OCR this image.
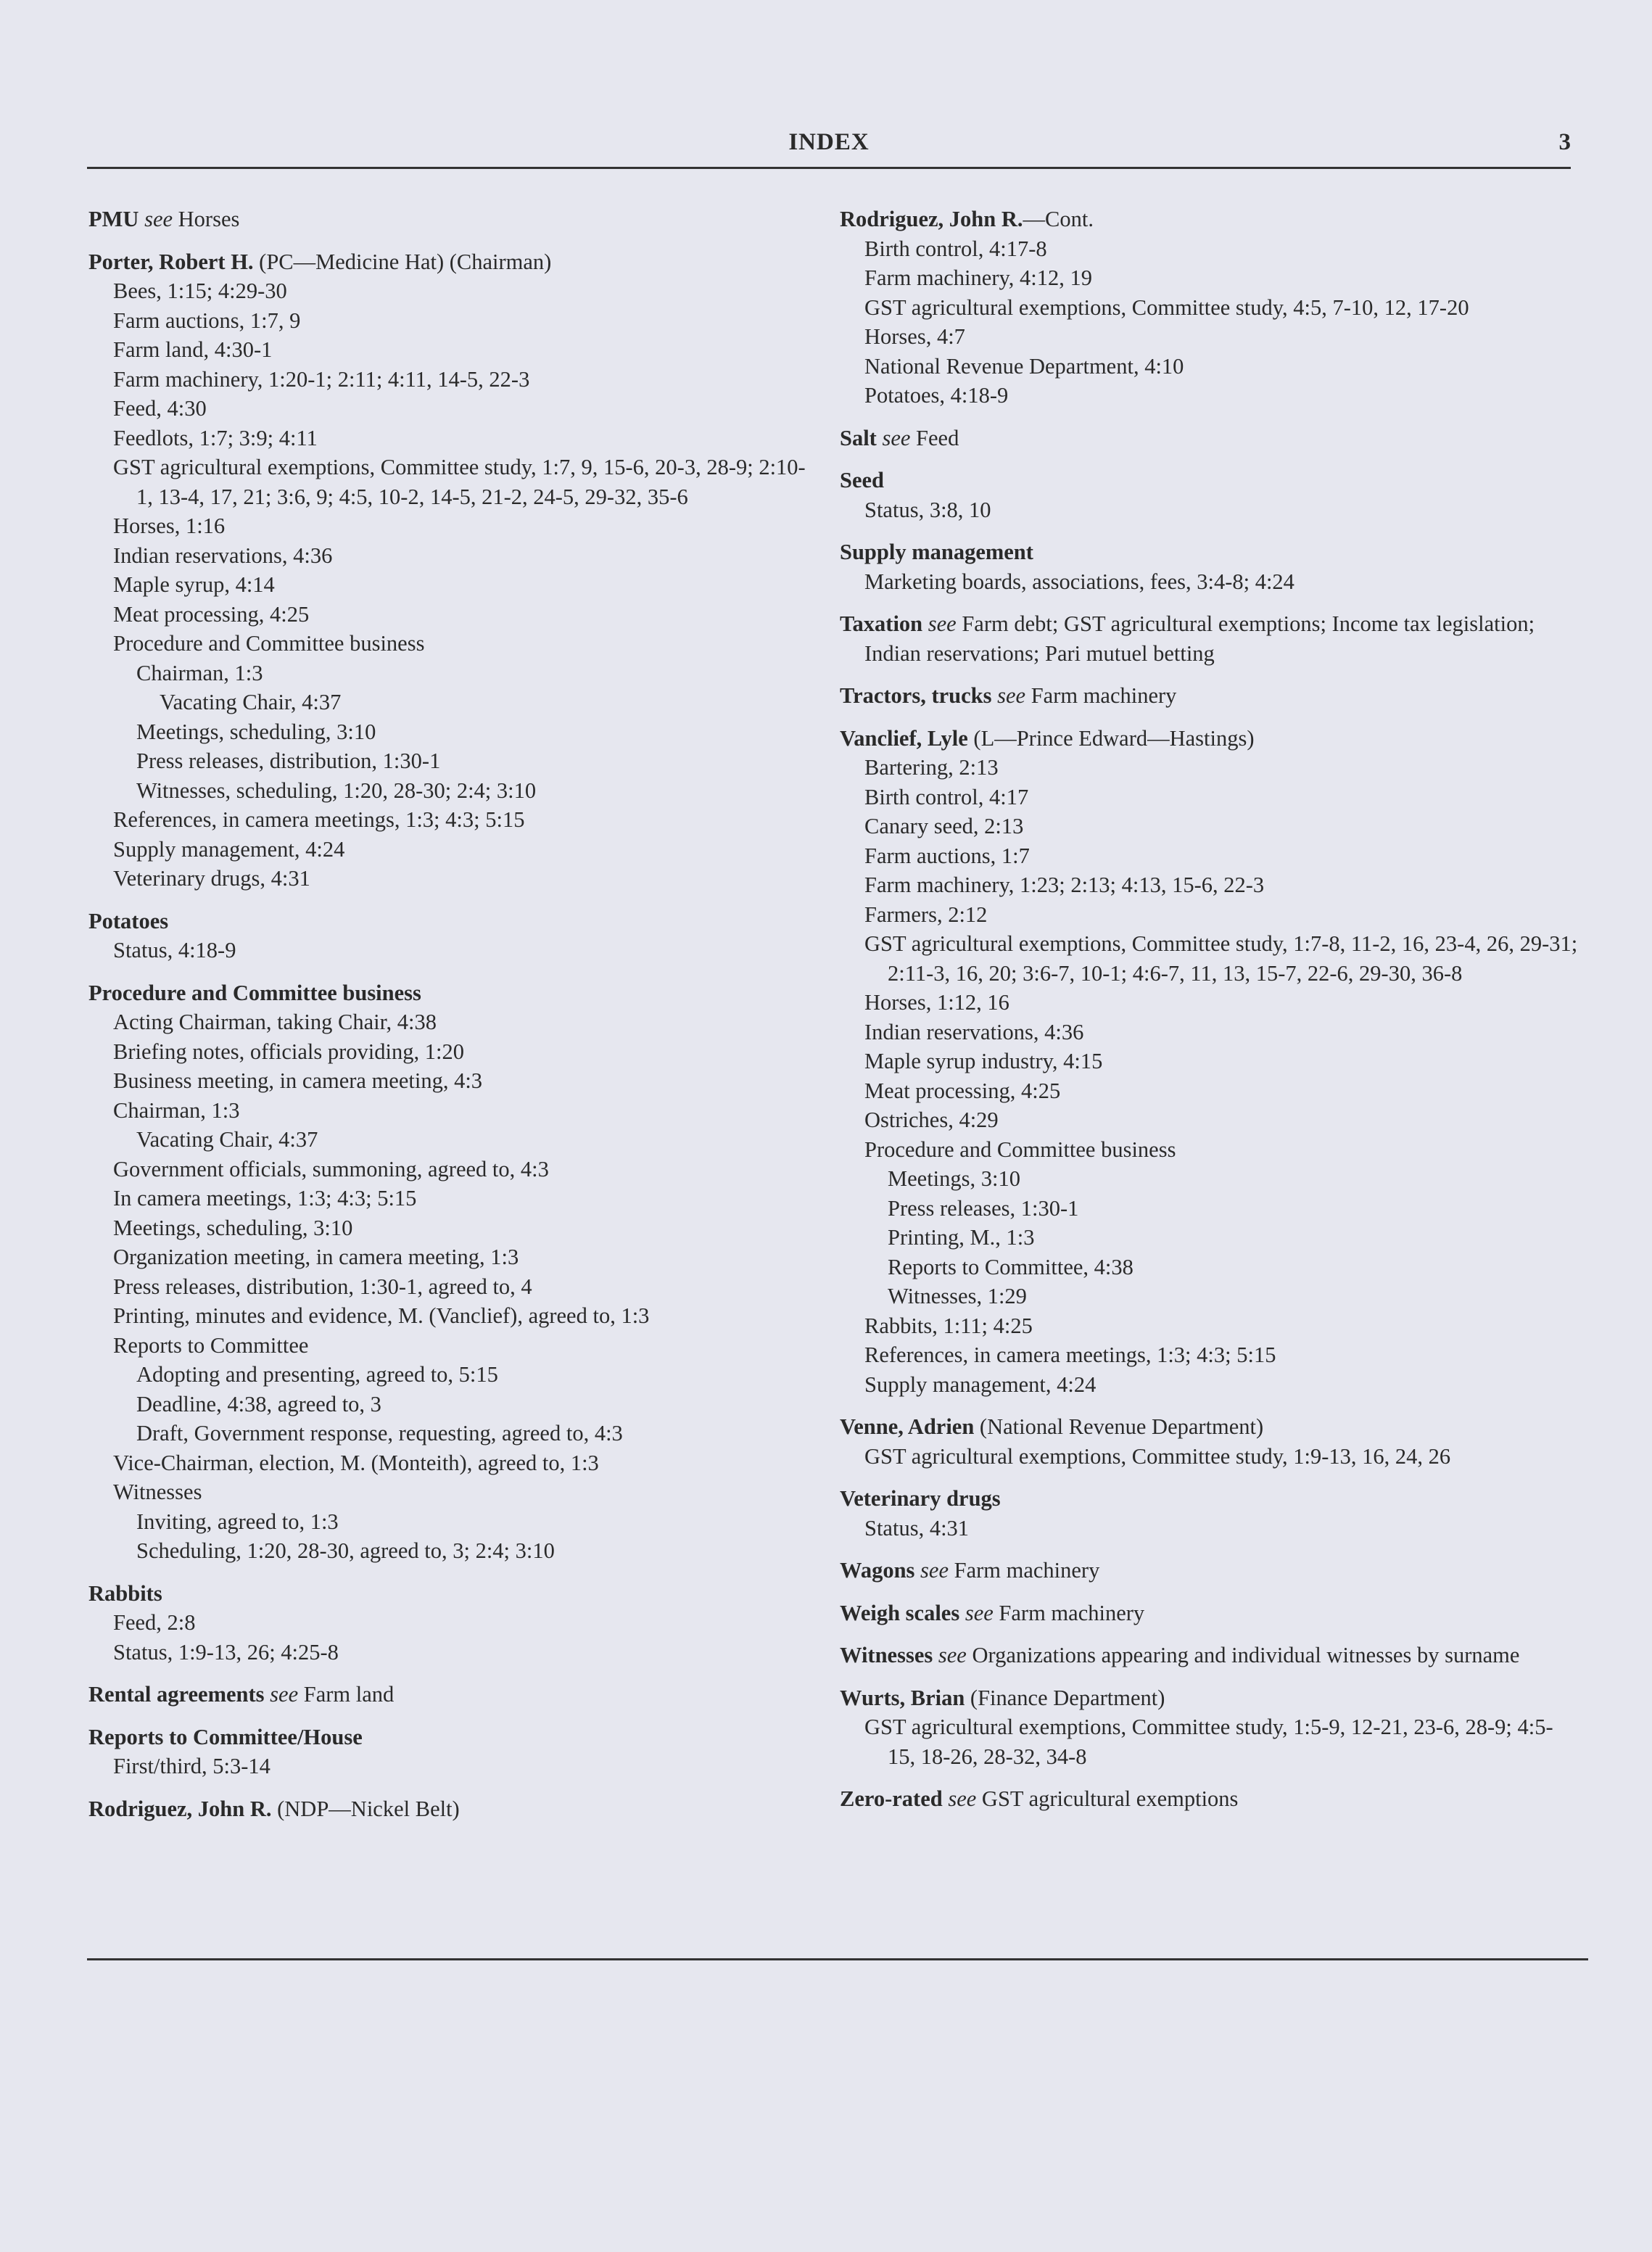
INDEX	3
PMU see Horses
Porter, Robert H. (PC—Medicine Hat) (Chairman)
Bees, 1:15; 4:29-30
Farm auctions, 1:7, 9
Farm land, 4:30-1
Farm machinery, 1:20-1; 2:11; 4:11, 14-5, 22-3
Feed, 4:30
Feedlots, 1:7; 3:9; 4:11
GST agricultural exemptions, Committee study, 1:7, 9, 15-6, 20-3, 28-9; 2:10-1, 13-4, 17, 21; 3:6, 9; 4:5, 10-2, 14-5, 21-2, 24-5, 29-32, 35-6
Horses, 1:16
Indian reservations, 4:36
Maple syrup, 4:14
Meat processing, 4:25
Procedure and Committee business
Chairman, 1:3
Vacating Chair, 4:37
Meetings, scheduling, 3:10
Press releases, distribution, 1:30-1
Witnesses, scheduling, 1:20, 28-30; 2:4; 3:10
References, in camera meetings, 1:3; 4:3; 5:15
Supply management, 4:24
Veterinary drugs, 4:31
Potatoes
Status, 4:18-9
Procedure and Committee business
Acting Chairman, taking Chair, 4:38
Briefing notes, officials providing, 1:20
Business meeting, in camera meeting, 4:3
Chairman, 1:3
Vacating Chair, 4:37
Government officials, summoning, agreed to, 4:3
In camera meetings, 1:3; 4:3; 5:15
Meetings, scheduling, 3:10
Organization meeting, in camera meeting, 1:3
Press releases, distribution, 1:30-1, agreed to, 4
Printing, minutes and evidence, M. (Vanclief), agreed to, 1:3
Reports to Committee
Adopting and presenting, agreed to, 5:15
Deadline, 4:38, agreed to, 3
Draft, Government response, requesting, agreed to, 4:3
Vice-Chairman, election, M. (Monteith), agreed to, 1:3
Witnesses
Inviting, agreed to, 1:3
Scheduling, 1:20, 28-30, agreed to, 3; 2:4; 3:10
Rabbits
Feed, 2:8
Status, 1:9-13, 26; 4:25-8
Rental agreements see Farm land
Reports to Committee/House
First/third, 5:3-14
Rodriguez, John R. (NDP—Nickel Belt)
Rodriguez, John R.—Cont.
Birth control, 4:17-8
Farm machinery, 4:12, 19
GST agricultural exemptions, Committee study, 4:5, 7-10, 12, 17-20
Horses, 4:7
National Revenue Department, 4:10
Potatoes, 4:18-9
Salt see Feed
Seed
Status, 3:8, 10
Supply management
Marketing boards, associations, fees, 3:4-8; 4:24
Taxation see Farm debt; GST agricultural exemptions; Income tax legislation; Indian reservations; Pari mutuel betting
Tractors, trucks see Farm machinery
Vanclief, Lyle (L—Prince Edward—Hastings)
Bartering, 2:13
Birth control, 4:17
Canary seed, 2:13
Farm auctions, 1:7
Farm machinery, 1:23; 2:13; 4:13, 15-6, 22-3
Farmers, 2:12
GST agricultural exemptions, Committee study, 1:7-8, 11-2, 16, 23-4, 26, 29-31; 2:11-3, 16, 20; 3:6-7, 10-1; 4:6-7, 11, 13, 15-7, 22-6, 29-30, 36-8
Horses, 1:12, 16
Indian reservations, 4:36
Maple syrup industry, 4:15
Meat processing, 4:25
Ostriches, 4:29
Procedure and Committee business
Meetings, 3:10
Press releases, 1:30-1
Printing, M., 1:3
Reports to Committee, 4:38
Witnesses, 1:29
Rabbits, 1:11; 4:25
References, in camera meetings, 1:3; 4:3; 5:15
Supply management, 4:24
Venne, Adrien (National Revenue Department)
GST agricultural exemptions, Committee study, 1:9-13, 16, 24, 26
Veterinary drugs
Status, 4:31
Wagons see Farm machinery
Weigh scales see Farm machinery
Witnesses see Organizations appearing and individual witnesses by surname
Wurts, Brian (Finance Department)
GST agricultural exemptions, Committee study, 1:5-9, 12-21, 23-6, 28-9; 4:5-15, 18-26, 28-32, 34-8
Zero-rated see GST agricultural exemptions
